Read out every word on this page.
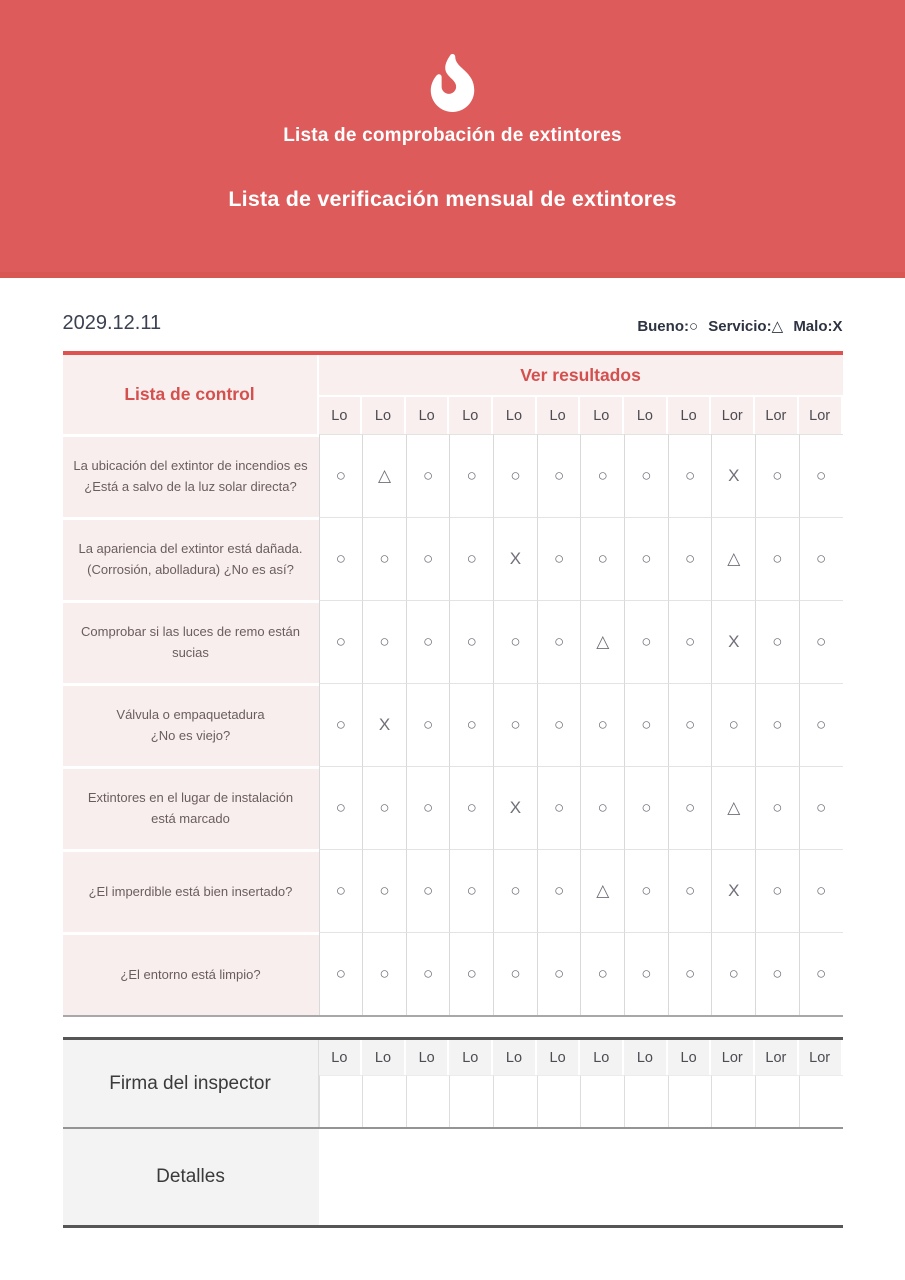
Lista de comprobación de extintores
Lista de verificación mensual de extintores
2029.12.11	Bueno:○ Servicio:△ Malo:X
Lista de control	Ver resultados											
	Lo	Lo	Lo	Lo	Lo	Lo	Lo	Lo	Lo	Lor	Lor	Lor

La ubicación del extintor de incendios es
¿Está a salvo de la luz solar directa?	○	△	○	○	○	○	○	○	○	X	○	○

La apariencia del extintor está dañada.
(Corrosión, abolladura) ¿No es así?	○	○	○	○	X	○	○	○	○	△	○	○

Comprobar si las luces de remo están sucias	○	○	○	○	○	○	△	○	○	X	○	○

Válvula o empaquetadura
¿No es viejo?	○	X	○	○	○	○	○	○	○	○	○	○

Extintores en el lugar de instalación
está marcado	○	○	○	○	X	○	○	○	○	△	○	○

¿El imperdible está bien insertado?	○	○	○	○	○	○	△	○	○	X	○	○

¿El entorno está limpio?	○	○	○	○	○	○	○	○	○	○	○	○
Firma del inspector	Lo	Lo	Lo	Lo	Lo	Lo	Lo	Lo	Lo	Lor	Lor	Lor

Detalles												
